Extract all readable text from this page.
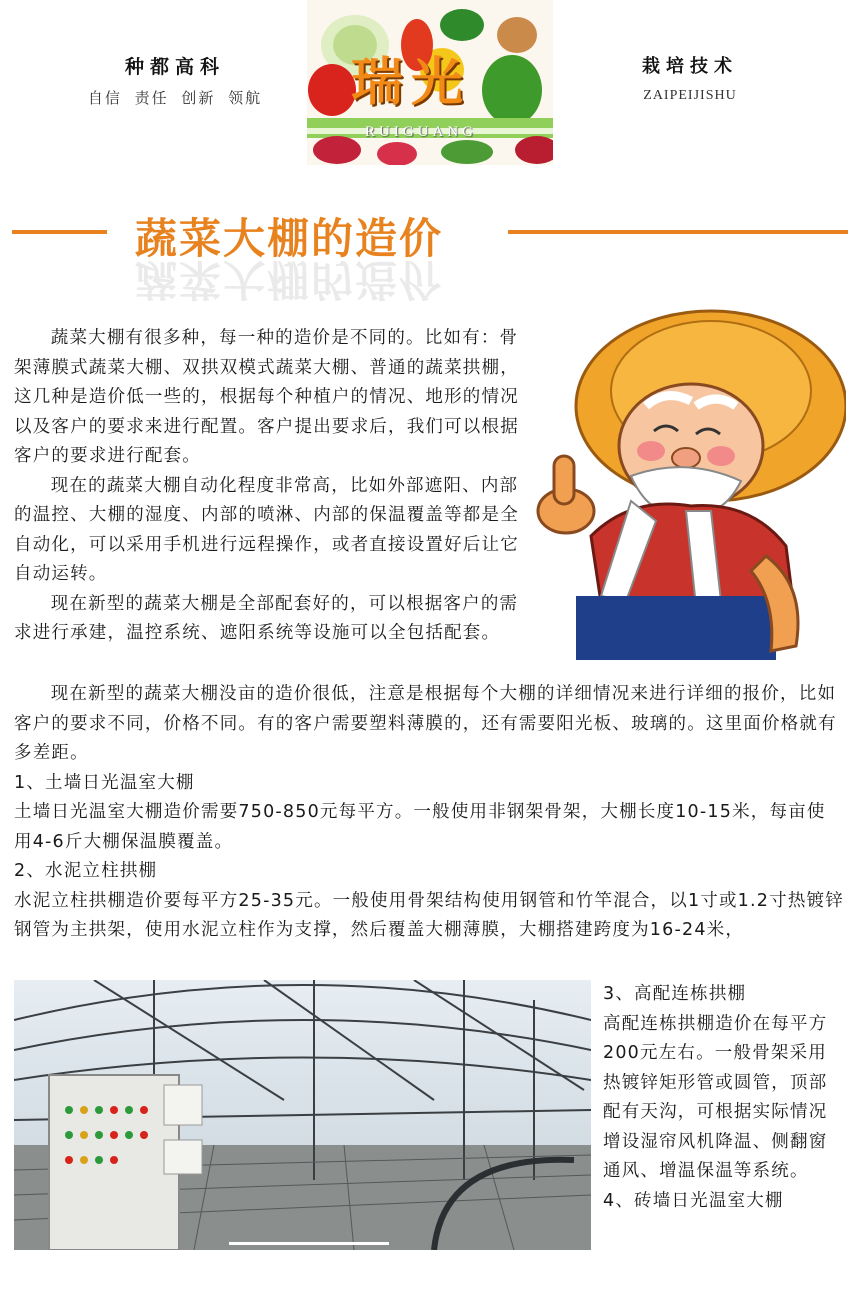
种都高科
自信 责任 创新 领航 瑞光
RUIGUANG
栽培技术
ZAIPEIJISHU
蔬菜大棚的造价
蔬菜大棚的造价

蔬菜大棚有很多种，每一种的造价是不同的。比如有：骨架薄膜式蔬菜大棚、双拱双模式蔬菜大棚、普通的蔬菜拱棚，这几种是造价低一些的，根据每个种植户的情况、地形的情况以及客户的要求来进行配置。客户提出要求后，我们可以根据客户的要求进行配套。

现在的蔬菜大棚自动化程度非常高，比如外部遮阳、内部的温控、大棚的湿度、内部的喷淋、内部的保温覆盖等都是全自动化，可以采用手机进行远程操作，或者直接设置好后让它自动运转。

现在新型的蔬菜大棚是全部配套好的，可以根据客户的需求进行承建，温控系统、遮阳系统等设施可以全包括配套。

现在新型的蔬菜大棚没亩的造价很低，注意是根据每个大棚的详细情况来进行详细的报价，比如客户的要求不同，价格不同。有的客户需要塑料薄膜的，还有需要阳光板、玻璃的。这里面价格就有多差距。

1、土墙日光温室大棚

土墙日光温室大棚造价需要750-850元每平方。一般使用非钢架骨架，大棚长度10-15米，每亩使用4-6斤大棚保温膜覆盖。

2、水泥立柱拱棚

水泥立柱拱棚造价要每平方25-35元。一般使用骨架结构使用钢管和竹竿混合，以1寸或1.2寸热镀锌钢管为主拱架，使用水泥立柱作为支撑，然后覆盖大棚薄膜，大棚搭建跨度为16-24米，

3、高配连栋拱棚

高配连栋拱棚造价在每平方200元左右。一般骨架采用热镀锌矩形管或圆管，顶部配有天沟，可根据实际情况增设湿帘风机降温、侧翻窗通风、增温保温等系统。

4、砖墙日光温室大棚
